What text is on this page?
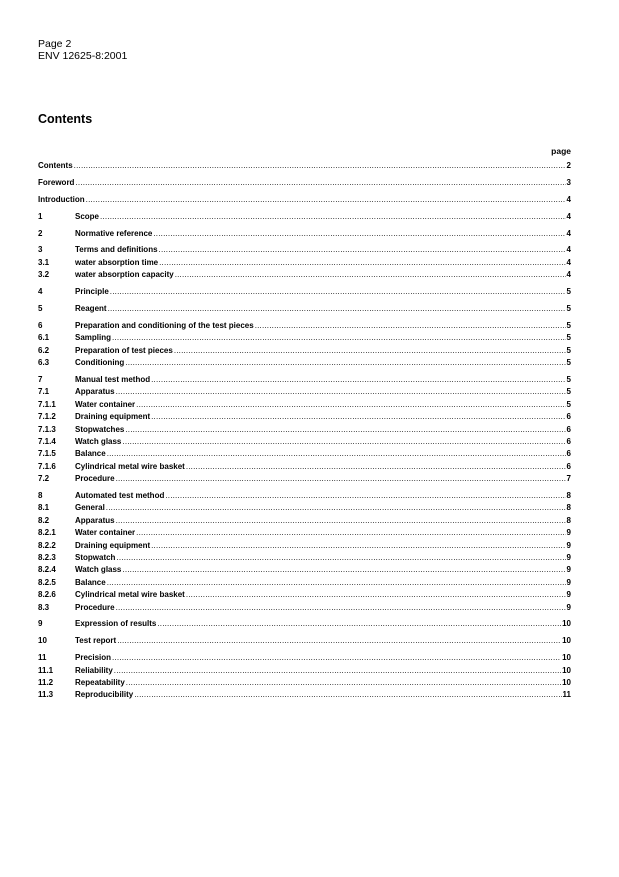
Page 2
ENV 12625-8:2001
Contents
page
Contents .....	2
Foreword .....	3
Introduction .....	4
1	Scope .....	4
2	Normative reference .....	4
3	Terms and definitions .....	4
3.1	water absorption time .....	4
3.2	water absorption capacity .....	4
4	Principle .....	5
5	Reagent .....	5
6	Preparation and conditioning of the test pieces .....	5
6.1	Sampling .....	5
6.2	Preparation of test pieces .....	5
6.3	Conditioning .....	5
7	Manual test method .....	5
7.1	Apparatus .....	5
7.1.1	Water container .....	5
7.1.2	Draining equipment .....	6
7.1.3	Stopwatches .....	6
7.1.4	Watch glass .....	6
7.1.5	Balance .....	6
7.1.6	Cylindrical metal wire basket .....	6
7.2	Procedure .....	7
8	Automated test method .....	8
8.1	General .....	8
8.2	Apparatus .....	8
8.2.1	Water container .....	9
8.2.2	Draining equipment .....	9
8.2.3	Stopwatch .....	9
8.2.4	Watch glass .....	9
8.2.5	Balance .....	9
8.2.6	Cylindrical metal wire basket .....	9
8.3	Procedure .....	9
9	Expression of results .....	10
10	Test report .....	10
11	Precision .....	10
11.1	Reliability .....	10
11.2	Repeatability .....	10
11.3	Reproducibility .....	11
